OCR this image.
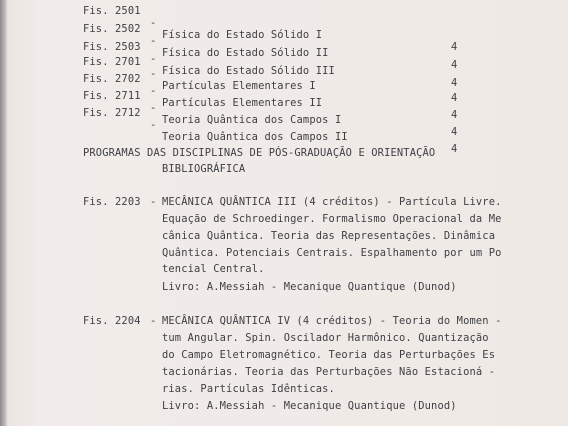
Fis. 2501

-

Física do Estado Sólido I

4

Fis. 2502

-

Física do Estado Sólido II

4

Fis. 2503

-

Física do Estado Sólido III

4

Fis. 2701

-

Partículas Elementares I

4

Fis. 2702

-

Partículas Elementares II

4

Fis. 2711

-

Teoria Quântica dos Campos I

4

Fis. 2712

-

Teoria Quântica dos Campos II

4

PROGRAMAS DAS DISCIPLINAS DE PÓS-GRADUAÇÃO E ORIENTAÇÃO
BIBLIOGRÁFICA
Fis. 2203 - MECÂNICA QUÂNTICA III (4 créditos) - Partícula Livre.
Equação de Schroedinger. Formalismo Operacional da Me
cânica Quântica. Teoria das Representações. Dinâmica
Quântica. Potenciais Centrais. Espalhamento por um Po
tencial Central.
Livro: A.Messiah - Mecanique Quantique (Dunod)
Fis. 2204 - MECÂNICA QUÂNTICA IV (4 créditos) - Teoria do Momen -
tum Angular. Spin. Oscilador Harmônico. Quantização
do Campo Eletromagnético. Teoria das Perturbações Es
tacionárias. Teoria das Perturbações Não Estacioná -
rias. Partículas Idênticas.
Livro: A.Messiah - Mecanique Quantique (Dunod)
